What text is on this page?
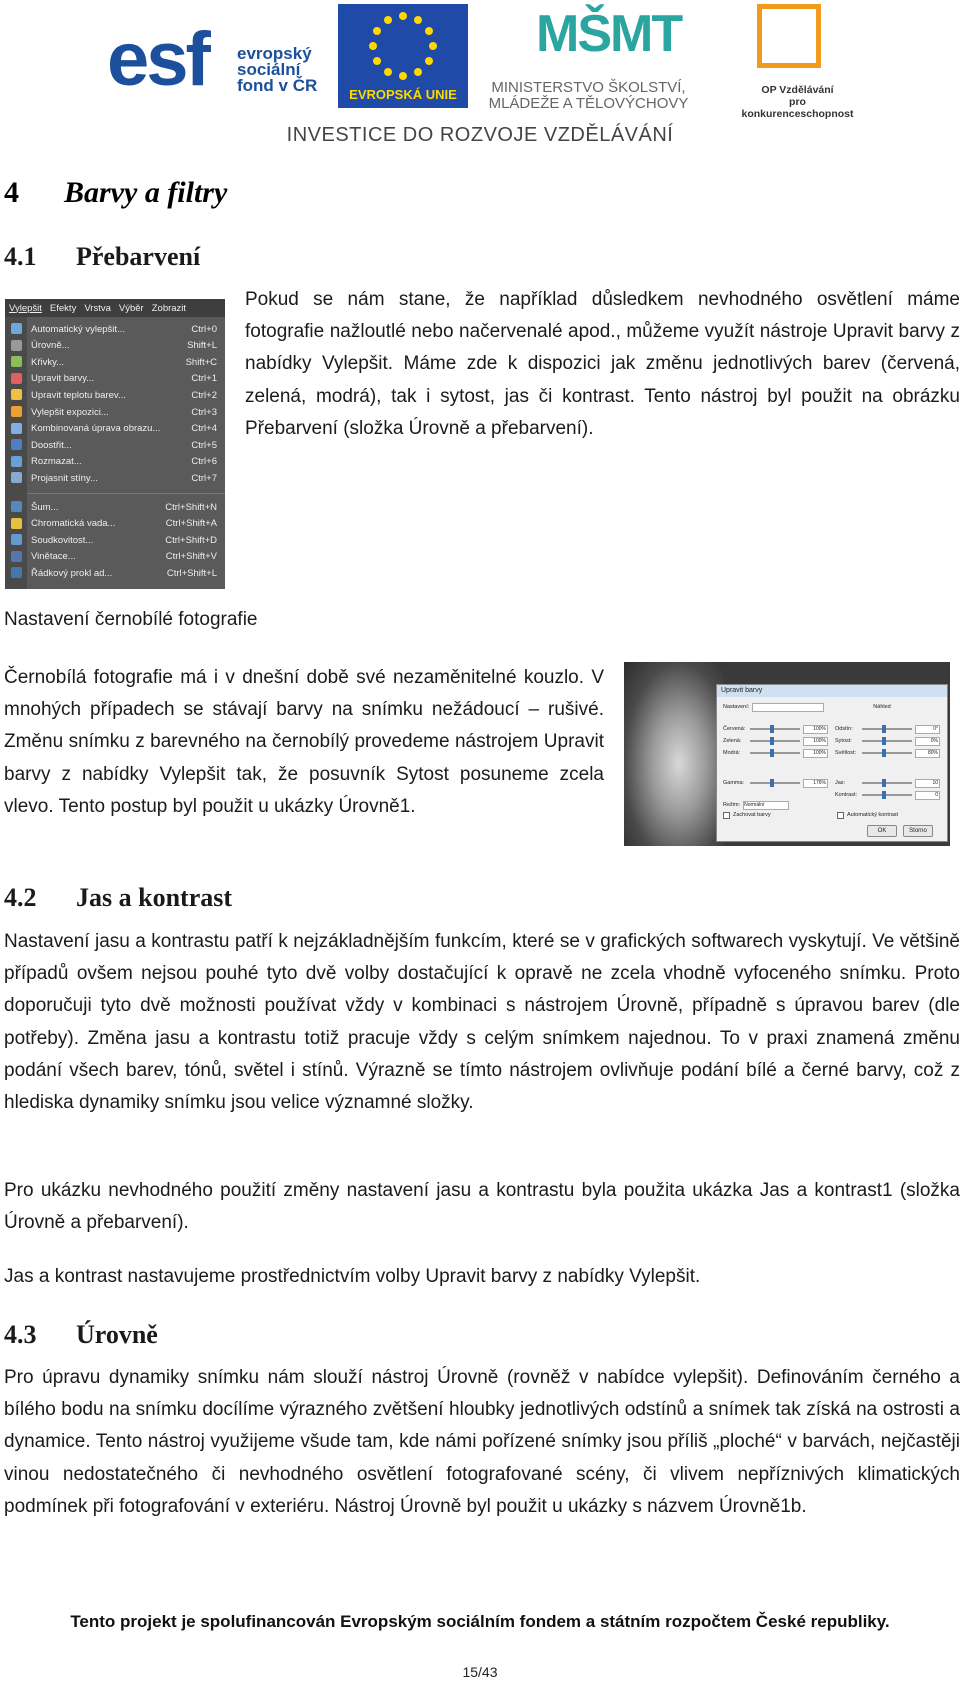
esf evropský
sociální
fond v ČR	EVROPSKÁ UNIE
MŠMT
MINISTERSTVO ŠKOLSTVÍ,
MLÁDEŽE A TĚLOVÝCHOVY
OP Vzdělávání
pro konkurenceschopnost
INVESTICE DO ROZVOJE VZDĚLÁVÁNÍ
4 Barvy a filtry
4.1 Přebarvení
Vylepšit Efekty Vrstva Výběr Zobrazit
Automatický vylepšit...	Ctrl+0
Úrovně...	Shift+L
Křivky...	Shift+C
Upravit barvy...	Ctrl+1
Upravit teplotu barev...	Ctrl+2
Vylepšit expozici...	Ctrl+3
Kombinovaná úprava obrazu...	Ctrl+4
Doostřit...	Ctrl+5
Rozmazat...	Ctrl+6
Projasnit stíny...	Ctrl+7
Šum...	Ctrl+Shift+N
Chromatická vada...	Ctrl+Shift+A
Soudkovitost...	Ctrl+Shift+D
Vinětace...	Ctrl+Shift+V
Řádkový prokl ad...	Ctrl+Shift+L
Pokud se nám stane, že například důsledkem nevhodného osvětlení máme fotografie nažloutlé nebo načervenalé apod., můžeme využít nástroje Upravit barvy z nabídky Vylepšit. Máme zde k dispozici jak změnu jednotlivých barev (červená, zelená, modrá), tak i sytost, jas či kontrast. Tento nástroj byl použit na obrázku Přebarvení (složka Úrovně a přebarvení).
Nastavení černobílé fotografie
Černobílá fotografie má i v dnešní době své nezaměnitelné kouzlo. V mnohých případech se stávají barvy na snímku nežádoucí – rušivé. Změnu snímku z barevného na černobílý provedeme nástrojem Upravit barvy z nabídky Vylepšit tak, že posuvník Sytost posuneme zcela vlevo. Tento postup byl použit u ukázky Úrovně1.
Upravit barvy
Nastavení:	Náhled
Režim: Normální
Zachovat barvy	Automatický kontrast
OK	Storno
Červená:	100%
Zelená:	100%
Modrá:	100%
Gamma:	176%
Odstín:	0°
Sytost:	0%
Světlost:	80%
Jas:	10
Kontrast:	0
4.2 Jas a kontrast
Nastavení jasu a kontrastu patří k nejzákladnějším funkcím, které se v grafických softwarech vyskytují. Ve většině případů ovšem nejsou pouhé tyto dvě volby dostačující k opravě ne zcela vhodně vyfoceného snímku. Proto doporučuji tyto dvě možnosti používat vždy v kombinaci s nástrojem Úrovně, případně s úpravou barev (dle potřeby). Změna jasu a kontrastu totiž pracuje vždy s celým snímkem najednou. To v praxi znamená změnu podání všech barev, tónů, světel i stínů. Výrazně se tímto nástrojem ovlivňuje podání bílé a černé barvy, což z hlediska dynamiky snímku jsou velice významné složky.
Pro ukázku nevhodného použití změny nastavení jasu a kontrastu byla použita ukázka Jas a kontrast1 (složka Úrovně a přebarvení).
Jas a kontrast nastavujeme prostřednictvím volby Upravit barvy z nabídky Vylepšit.
4.3 Úrovně
Pro úpravu dynamiky snímku nám slouží nástroj Úrovně (rovněž v nabídce vylepšit). Definováním černého a bílého bodu na snímku docílíme výrazného zvětšení hloubky jednotlivých odstínů a snímek tak získá na ostrosti a dynamice. Tento nástroj využijeme všude tam, kde námi pořízené snímky jsou příliš „ploché“ v barvách, nejčastěji vinou nedostatečného či nevhodného osvětlení fotografované scény, či vlivem nepříznivých klimatických podmínek při fotografování v exteriéru. Nástroj Úrovně byl použit u ukázky s názvem Úrovně1b.
Tento projekt je spolufinancován Evropským sociálním fondem a státním rozpočtem České republiky.
15/43
